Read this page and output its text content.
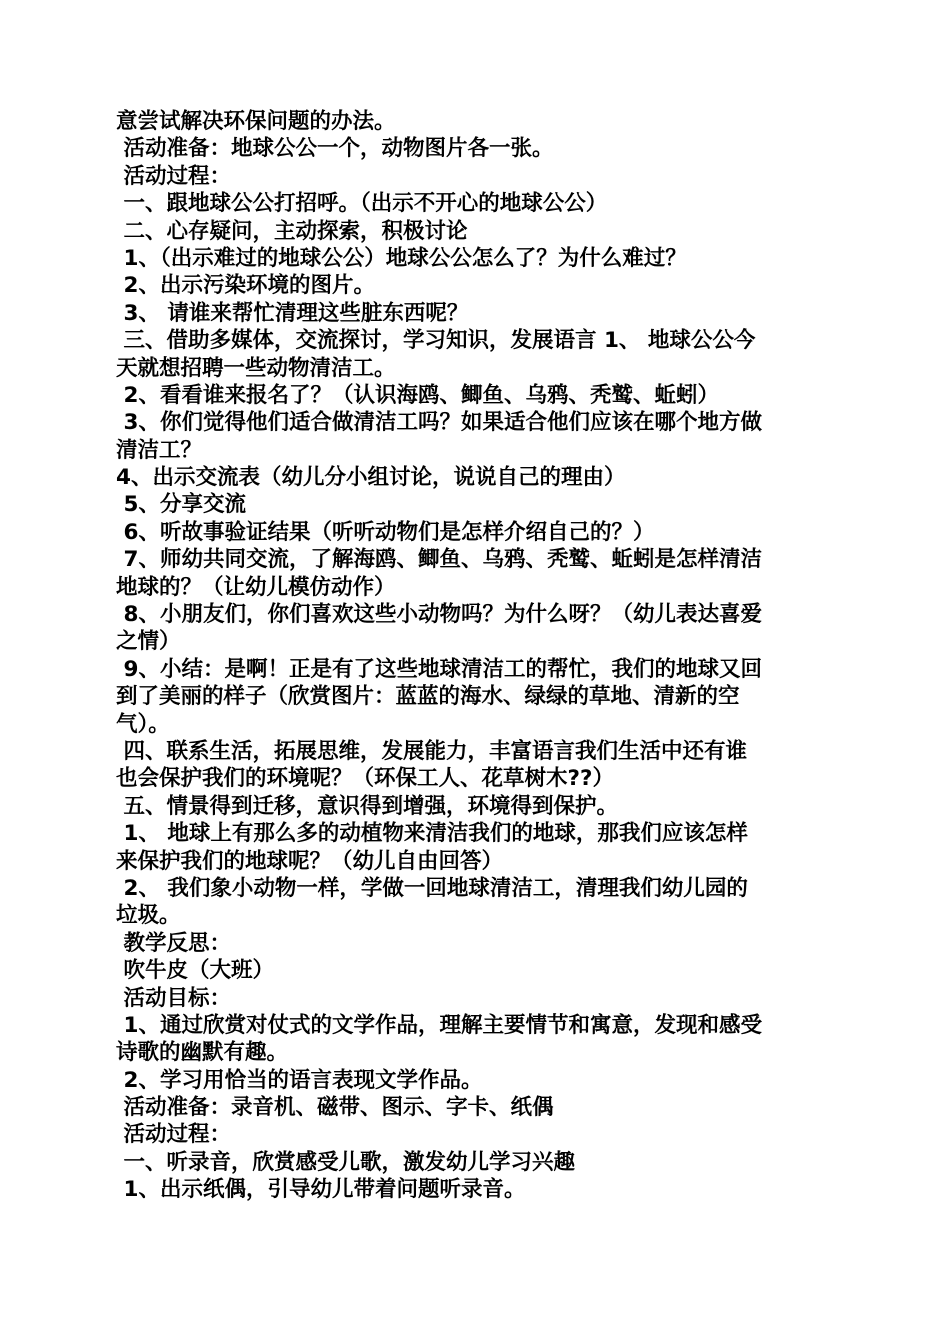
意尝试解决环保问题的办法。
活动准备：地球公公一个，动物图片各一张。
活动过程：
一、跟地球公公打招呼。（出示不开心的地球公公）
二、心存疑问，主动探索，积极讨论
1、（出示难过的地球公公）地球公公怎么了？为什么难过？
2、出示污染环境的图片。
3、 请谁来帮忙清理这些脏东西呢？
三、借助多媒体，交流探讨，学习知识，发展语言 1、 地球公公今
天就想招聘一些动物清洁工。
2、看看谁来报名了？（认识海鸥、鲫鱼、乌鸦、秃鹫、蚯蚓）
3、你们觉得他们适合做清洁工吗？如果适合他们应该在哪个地方做
清洁工？
4、出示交流表（幼儿分小组讨论，说说自己的理由）
5、分享交流
6、听故事验证结果（听听动物们是怎样介绍自己的？）
7、师幼共同交流，了解海鸥、鲫鱼、乌鸦、秃鹫、蚯蚓是怎样清洁
地球的？（让幼儿模仿动作）
8、小朋友们，你们喜欢这些小动物吗？为什么呀？（幼儿表达喜爱
之情）
9、小结：是啊！正是有了这些地球清洁工的帮忙，我们的地球又回
到了美丽的样子（欣赏图片：蓝蓝的海水、绿绿的草地、清新的空
气）。
四、联系生活，拓展思维，发展能力，丰富语言我们生活中还有谁
也会保护我们的环境呢？（环保工人、花草树木??）
五、情景得到迁移，意识得到增强，环境得到保护。
1、 地球上有那么多的动植物来清洁我们的地球，那我们应该怎样
来保护我们的地球呢？（幼儿自由回答）
2、 我们象小动物一样，学做一回地球清洁工，清理我们幼儿园的
垃圾。
教学反思：
吹牛皮（大班）
活动目标：
1、通过欣赏对仗式的文学作品，理解主要情节和寓意，发现和感受
诗歌的幽默有趣。
2、学习用恰当的语言表现文学作品。
活动准备：录音机、磁带、图示、字卡、纸偶
活动过程：
一、听录音，欣赏感受儿歌，激发幼儿学习兴趣
1、出示纸偶，引导幼儿带着问题听录音。
